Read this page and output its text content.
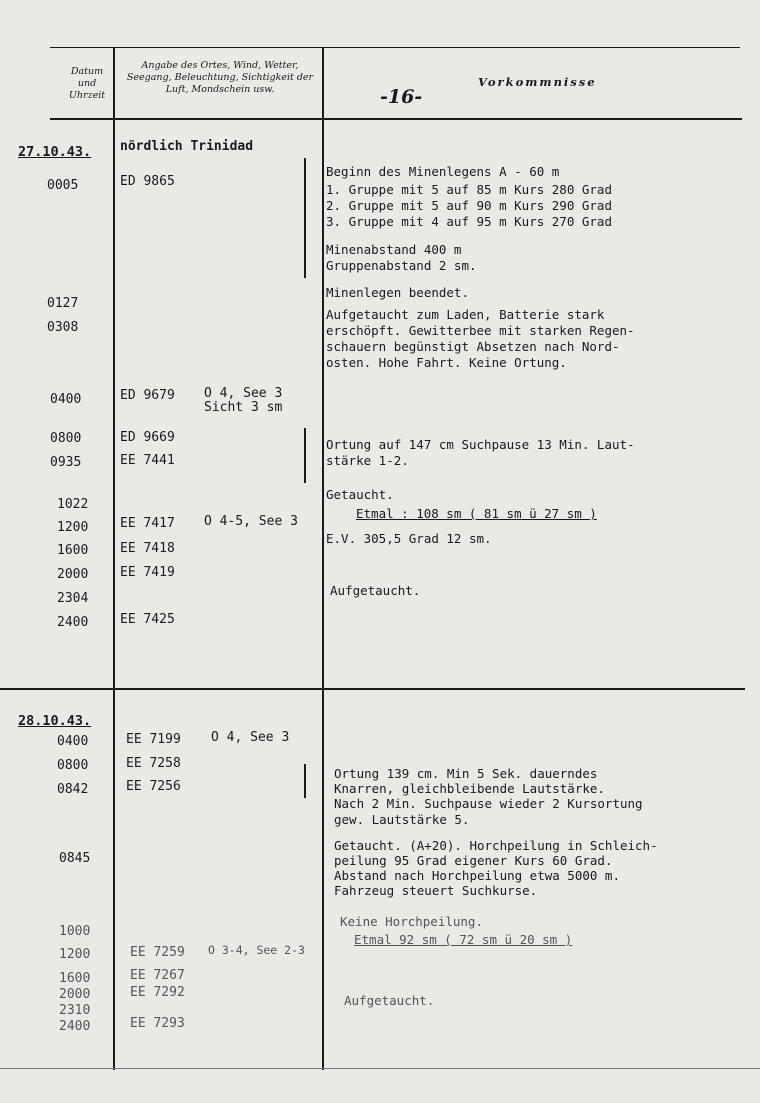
Datum und Uhrzeit
Angabe des Ortes, Wind, Wetter, Seegang, Beleuchtung, Sichtigkeit der Luft, Mondschein usw.	-16-
Vorkommnisse
27.10.43. nördlich Trinidad
0005
0127
0308
0400
0800
0935
1022
1200
1600
2000
2304
2400
ED 9865
ED 9679
ED 9669
EE 7441
EE 7417
EE 7418
EE 7419
EE 7425
O 4, See 3
Sicht 3 sm
O 4-5, See 3
Beginn des Minenlegens A - 60 m
1. Gruppe mit 5 auf 85 m Kurs 280 Grad
2. Gruppe mit 5 auf 90 m Kurs 290 Grad
3. Gruppe mit 4 auf 95 m Kurs 270 Grad
Minenabstand 400 m
Gruppenabstand 2 sm.
Minenlegen beendet.
Aufgetaucht zum Laden, Batterie stark
erschöpft. Gewitterbee mit starken Regen-
schauern begünstigt Absetzen nach Nord-
osten. Hohe Fahrt. Keine Ortung.
Ortung auf 147 cm Suchpause 13 Min. Laut-
stärke 1-2.
Getaucht.
Etmal : 108 sm ( 81 sm ü 27 sm )
E.V. 305,5 Grad 12 sm.
Aufgetaucht.
28.10.43.
0400
0800
0842
0845
1000
1200
1600
2000
2310
2400
EE 7199
EE 7258
EE 7256
EE 7259
EE 7267
EE 7292
EE 7293
O 4, See 3
O 3-4, See 2-3
Ortung 139 cm. Min 5 Sek. dauerndes
Knarren, gleichbleibende Lautstärke.
Nach 2 Min. Suchpause wieder 2 Kursortung
gew. Lautstärke 5.
Getaucht. (A+20). Horchpeilung in Schleich-
peilung 95 Grad eigener Kurs 60 Grad.
Abstand nach Horchpeilung etwa 5000 m.
Fahrzeug steuert Suchkurse.
Keine Horchpeilung.
Etmal 92 sm ( 72 sm ü 20 sm )
Aufgetaucht.
